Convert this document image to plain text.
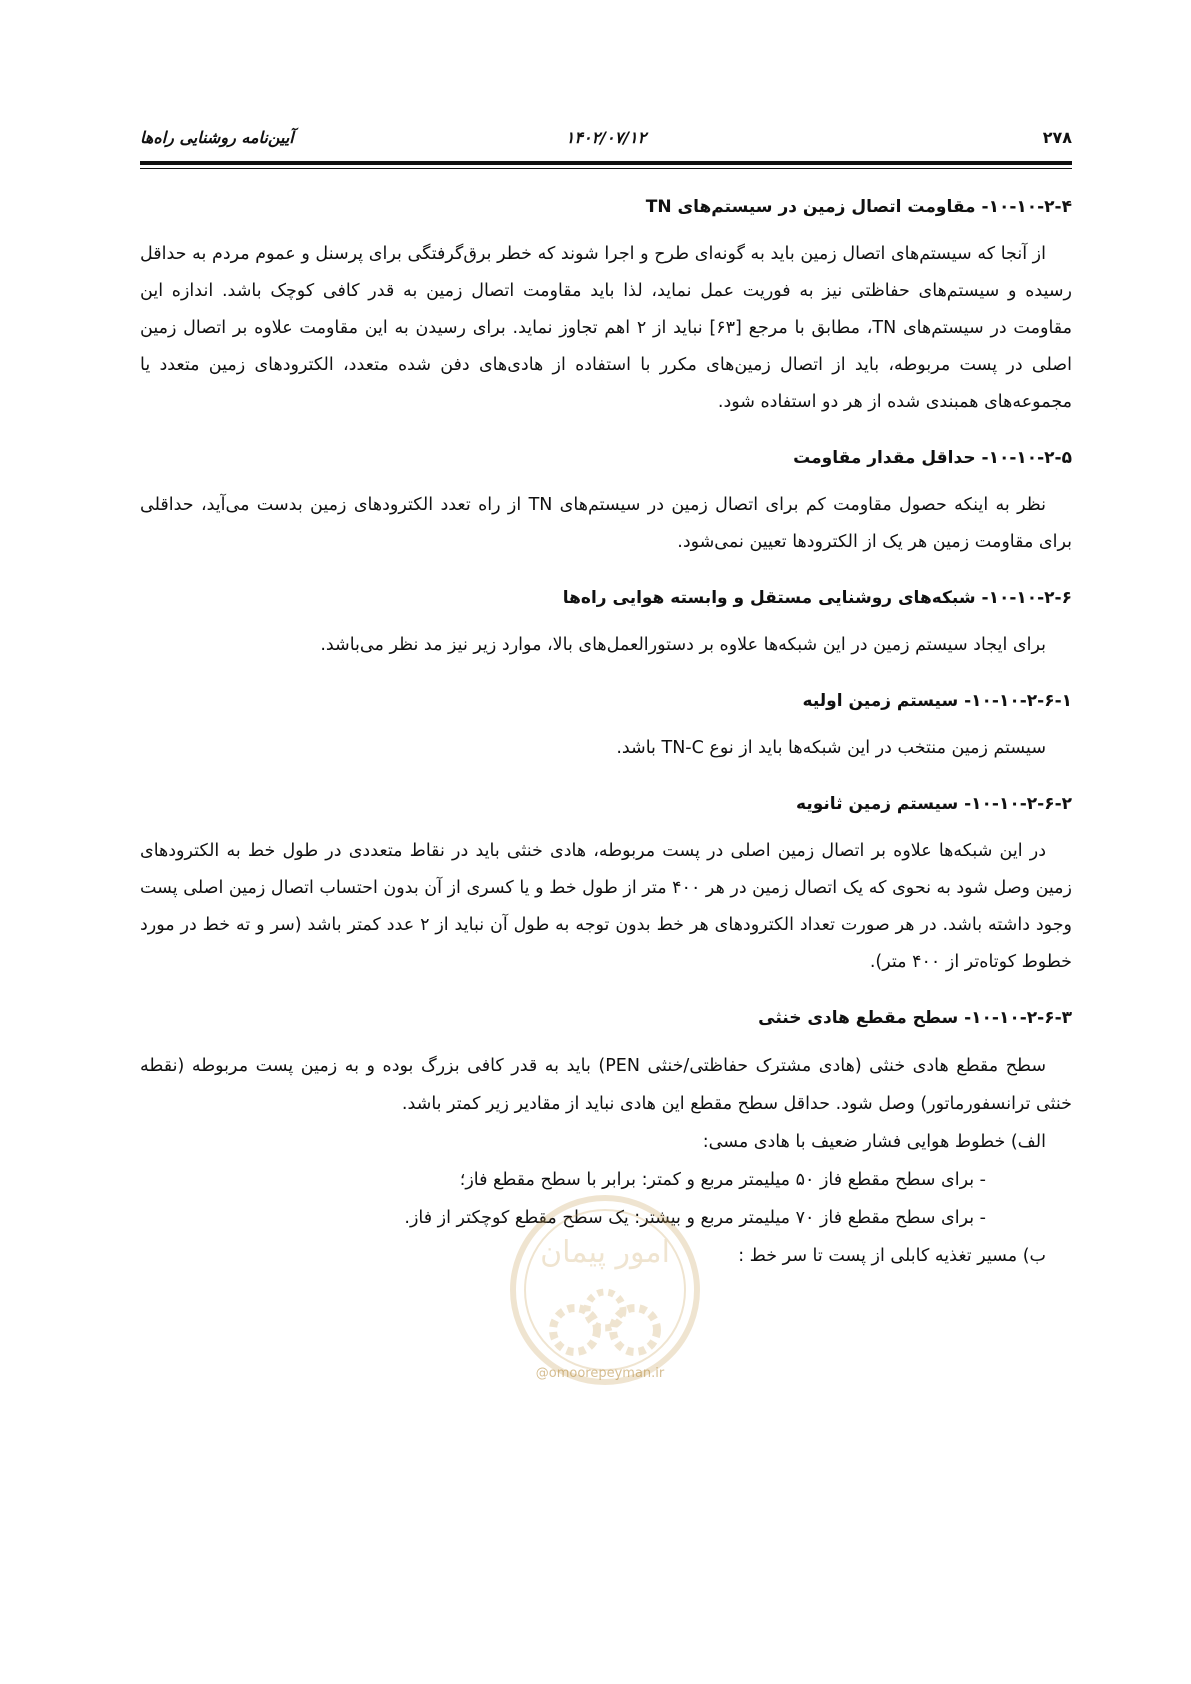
۲۷۸
۱۴۰۲/۰۷/۱۲
آیین‌نامه روشنایی راه‌ها
۱۰-۱۰-۲-۴- مقاومت اتصال زمین در سیستم‌های TN

از آنجا که سیستم‌های اتصال زمین باید به گونه‌ای طرح و اجرا شوند که خطر برق‌گرفتگی برای پرسنل و عموم مردم به حداقل رسیده و سیستم‌های حفاظتی نیز به فوریت عمل نماید، لذا باید مقاومت اتصال زمین به قدر کافی کوچک باشد. اندازه این مقاومت در سیستم‌های TN، مطابق با مرجع [۶۳] نباید از ۲ اهم تجاوز نماید. برای رسیدن به این مقاومت علاوه بر اتصال زمین اصلی در پست مربوطه، باید از اتصال زمین‌های مکرر با استفاده از هادی‌های دفن شده متعدد، الکترودهای زمین متعدد یا مجموعه‌های همبندی شده از هر دو استفاده شود.

۱۰-۱۰-۲-۵- حداقل مقدار مقاومت

نظر به اینکه حصول مقاومت کم برای اتصال زمین در سیستم‌های TN از راه تعدد الکترودهای زمین بدست می‌آید، حداقلی برای مقاومت زمین هر یک از الکترودها تعیین نمی‌شود.

۱۰-۱۰-۲-۶- شبکه‌های روشنایی مستقل و وابسته هوایی راه‌ها

برای ایجاد سیستم زمین در این شبکه‌ها علاوه بر دستورالعمل‌های بالا، موارد زیر نیز مد نظر می‌باشد.

۱۰-۱۰-۲-۶-۱- سیستم زمین اولیه

سیستم زمین منتخب در این شبکه‌ها باید از نوع TN-C باشد.

۱۰-۱۰-۲-۶-۲- سیستم زمین ثانویه

در این شبکه‌ها علاوه بر اتصال زمین اصلی در پست مربوطه، هادی خنثی باید در نقاط متعددی در طول خط به الکترودهای زمین وصل شود به نحوی که یک اتصال زمین در هر ۴۰۰ متر از طول خط و یا کسری از آن بدون احتساب اتصال زمین اصلی پست وجود داشته باشد. در هر صورت تعداد الکترودهای هر خط بدون توجه به طول آن نباید از ۲ عدد کمتر باشد (سر و ته خط در مورد خطوط کوتاه‌تر از ۴۰۰ متر).

۱۰-۱۰-۲-۶-۳- سطح مقطع هادی خنثی

سطح مقطع هادی خنثی (هادی مشترک حفاظتی/خنثی PEN) باید به قدر کافی بزرگ بوده و به زمین پست مربوطه (نقطه خنثی ترانسفورماتور) وصل شود. حداقل سطح مقطع این هادی نباید از مقادیر زیر کمتر باشد.

الف) خطوط هوایی فشار ضعیف با هادی مسی:
- برای سطح مقطع فاز ۵۰ میلیمتر مربع و کمتر: برابر با سطح مقطع فاز؛
- برای سطح مقطع فاز ۷۰ میلیمتر مربع و بیشتر: یک سطح مقطع کوچکتر از فاز.
ب) مسیر تغذیه کابلی از پست تا سر خط :
امور پیمان
@omoorepeyman.ir
